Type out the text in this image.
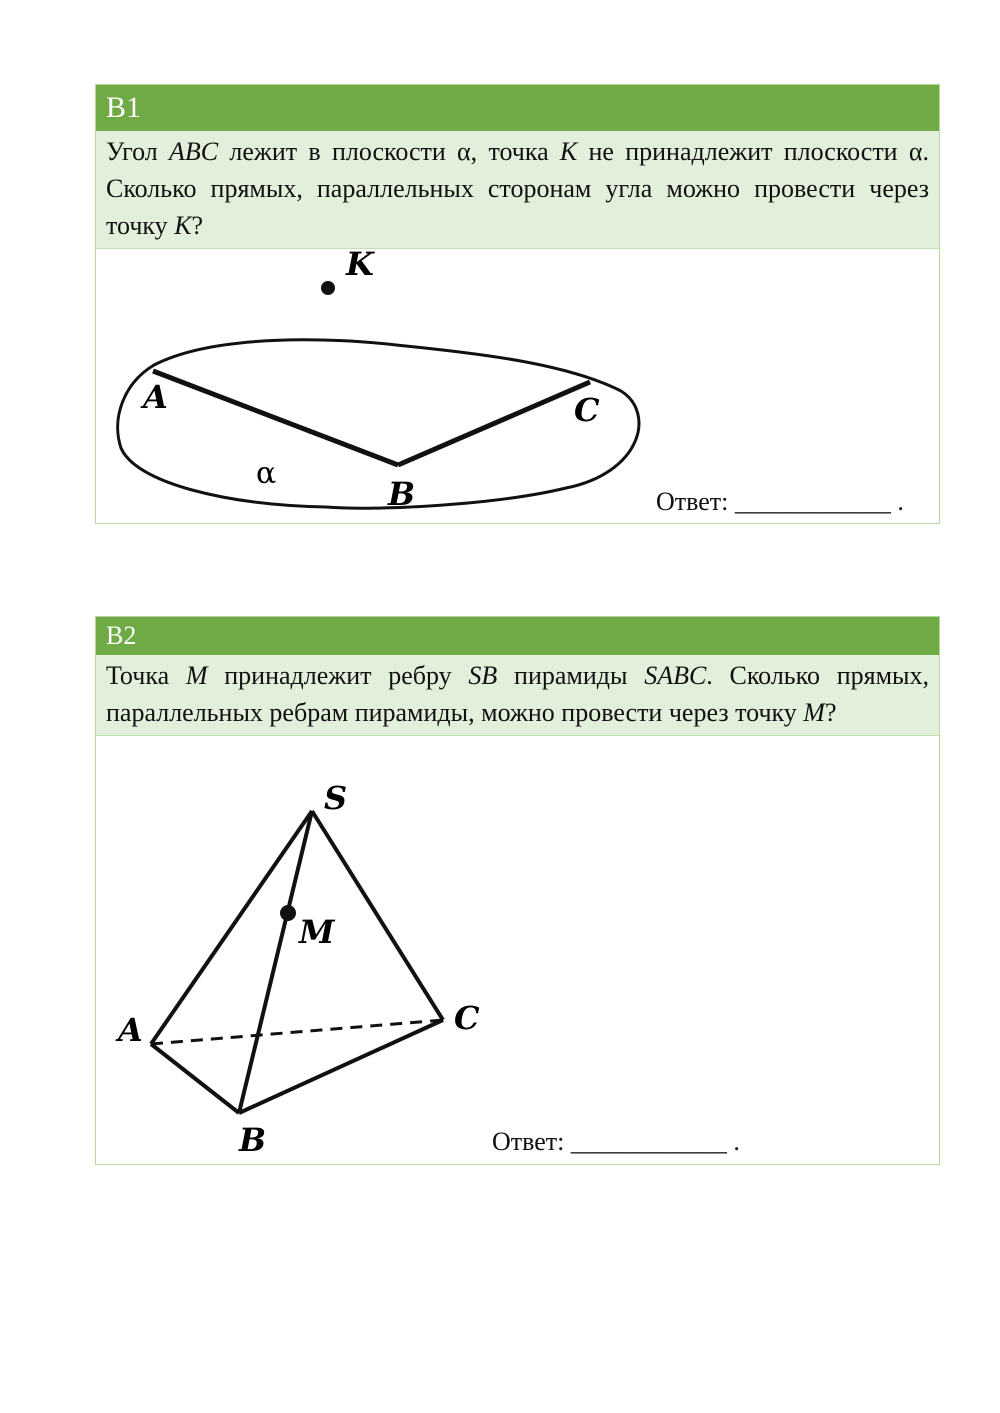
B1
Угол ABC лежит в плоскости α, точка K не принадлежит плоскости α. Сколько прямых, параллельных сторонам угла можно провести через точку K?
K
A	C
B
α
Ответ: ____________ .
B2
Точка M принадлежит ребру SB пирамиды SABC. Сколько прямых, параллельных ребрам пирамиды, можно провести через точку M?
S
M
A	C
B	Ответ: ____________ .
